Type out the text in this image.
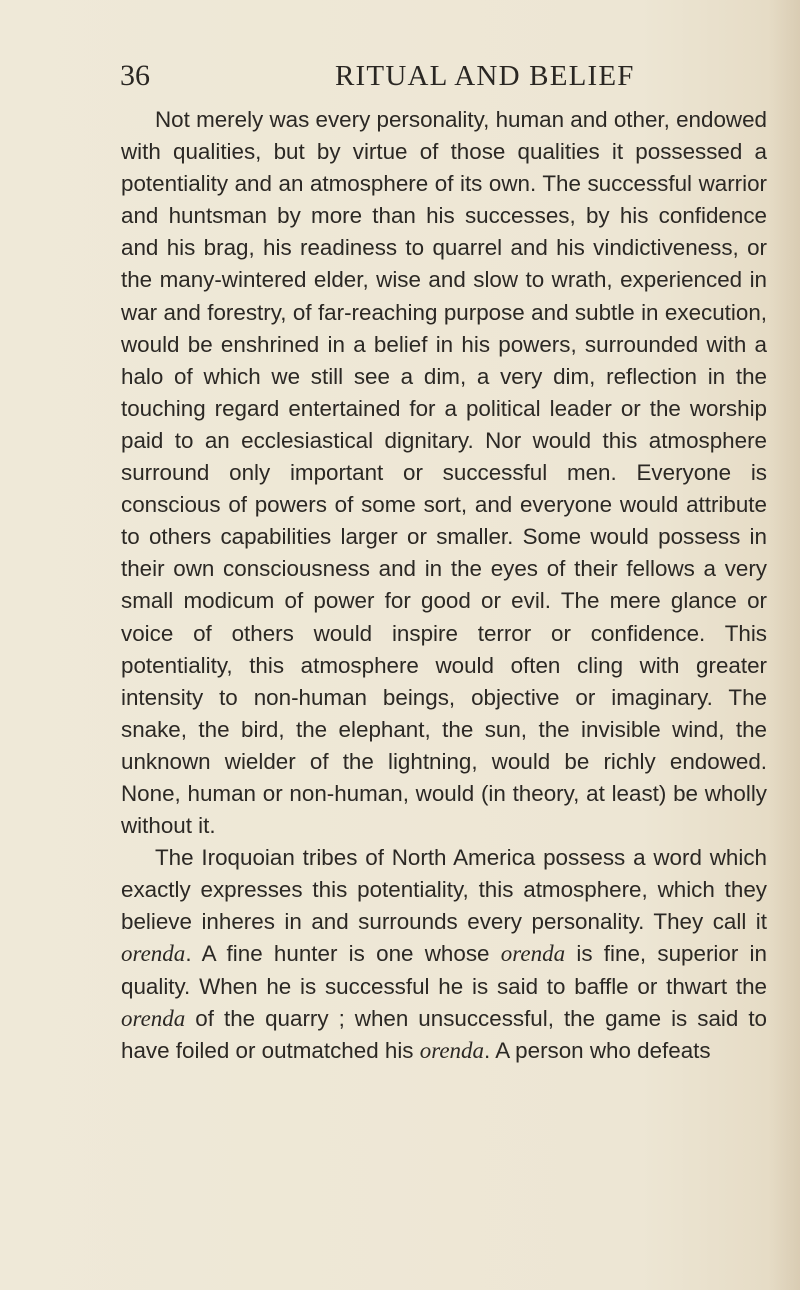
36	RITUAL AND BELIEF

Not merely was every personality, human and other, endowed with qualities, but by virtue of those qualities it possessed a potentiality and an atmosphere of its own. The successful warrior and huntsman by more than his successes, by his confidence and his brag, his readiness to quarrel and his vindictiveness, or the many-wintered elder, wise and slow to wrath, experienced in war and forestry, of far-reaching purpose and subtle in execution, would be enshrined in a belief in his powers, surrounded with a halo of which we still see a dim, a very dim, reflection in the touching regard entertained for a political leader or the worship paid to an ecclesiastical dignitary. Nor would this atmosphere surround only important or successful men. Everyone is conscious of powers of some sort, and everyone would attribute to others capabilities larger or smaller. Some would possess in their own consciousness and in the eyes of their fellows a very small modicum of power for good or evil. The mere glance or voice of others would inspire terror or confidence. This potentiality, this atmosphere would often cling with greater intensity to non-human beings, objective or imaginary. The snake, the bird, the elephant, the sun, the invisible wind, the unknown wielder of the lightning, would be richly endowed. None, human or non-human, would (in theory, at least) be wholly without it.

The Iroquoian tribes of North America possess a word which exactly expresses this potentiality, this atmosphere, which they believe inheres in and surrounds every personality. They call it orenda. A fine hunter is one whose orenda is fine, superior in quality. When he is successful he is said to baffle or thwart the orenda of the quarry ; when unsuccessful, the game is said to have foiled or outmatched his orenda. A person who defeats
